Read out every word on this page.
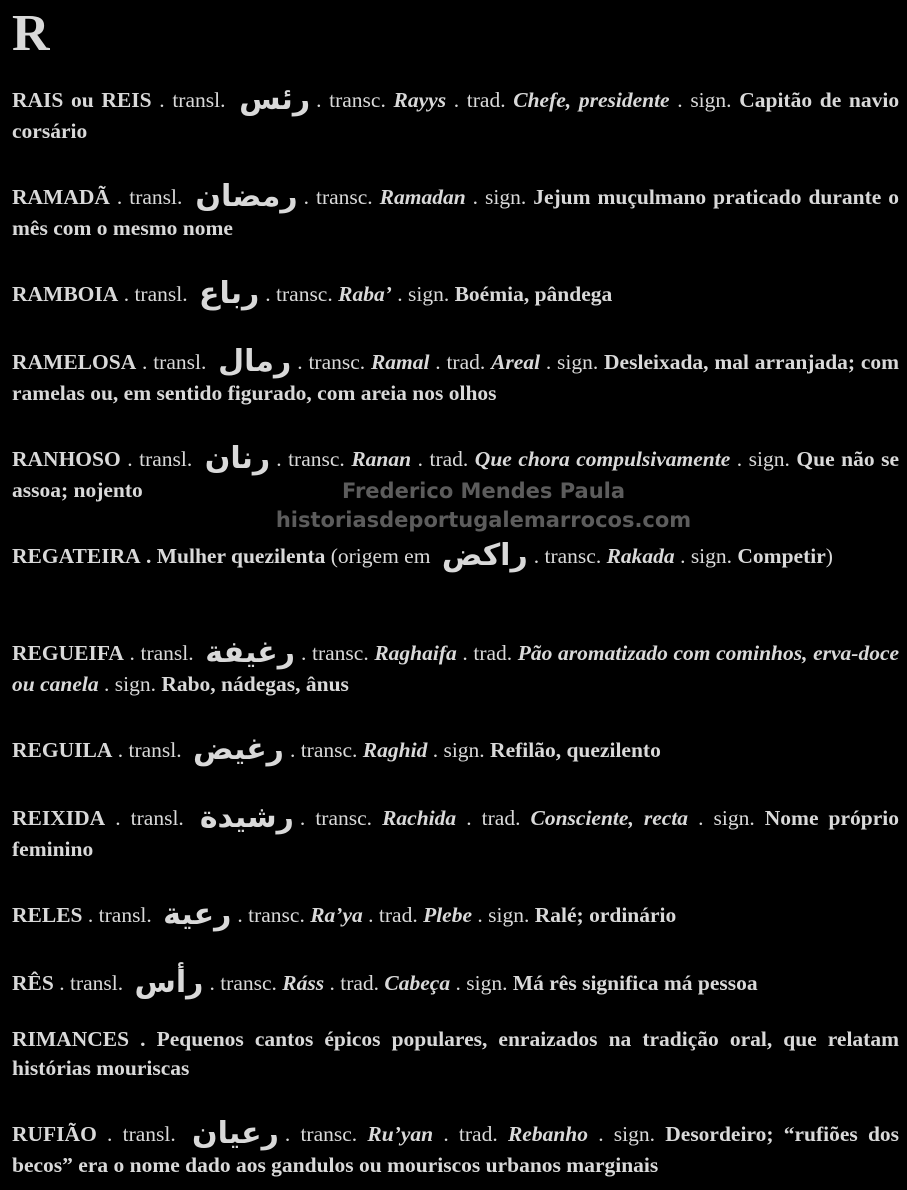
R

RAIS ou REIS . transl. رئس . transc. Rayys . trad. Chefe, presidente . sign. Capitão de navio corsário

RAMADÃ . transl. رمضان . transc. Ramadan . sign. Jejum muçulmano praticado durante o mês com o mesmo nome

RAMBOIA . transl. رباع . transc. Raba’ . sign. Boémia, pândega

RAMELOSA . transl. رمال . transc. Ramal . trad. Areal . sign. Desleixada, mal arranjada; com ramelas ou, em sentido figurado, com areia nos olhos

RANHOSO . transl. رنان . transc. Ranan . trad. Que chora compulsivamente . sign. Que não se assoa; nojento

REGATEIRA . Mulher quezilenta (origem em راكض . transc. Rakada . sign. Competir)

REGUEIFA . transl. رغيفة . transc. Raghaifa . trad. Pão aromatizado com cominhos, erva-doce ou canela . sign. Rabo, nádegas, ânus

REGUILA . transl. رغيض . transc. Raghid . sign. Refilão, quezilento

REIXIDA . transl. رشيدة . transc. Rachida . trad. Consciente, recta . sign. Nome próprio feminino

RELES . transl. رعية . transc. Ra’ya . trad. Plebe . sign. Ralé; ordinário

RÊS . transl. رأس . transc. Ráss . trad. Cabeça . sign. Má rês significa má pessoa

RIMANCES . Pequenos cantos épicos populares, enraizados na tradição oral, que relatam histórias mouriscas

RUFIÃO . transl. رعيان . transc. Ru’yan . trad. Rebanho . sign. Desordeiro; “rufiões dos becos” era o nome dado aos gandulos ou mouriscos urbanos marginais

Frederico Mendes Paula
historiasdeportugalemarrocos.com
